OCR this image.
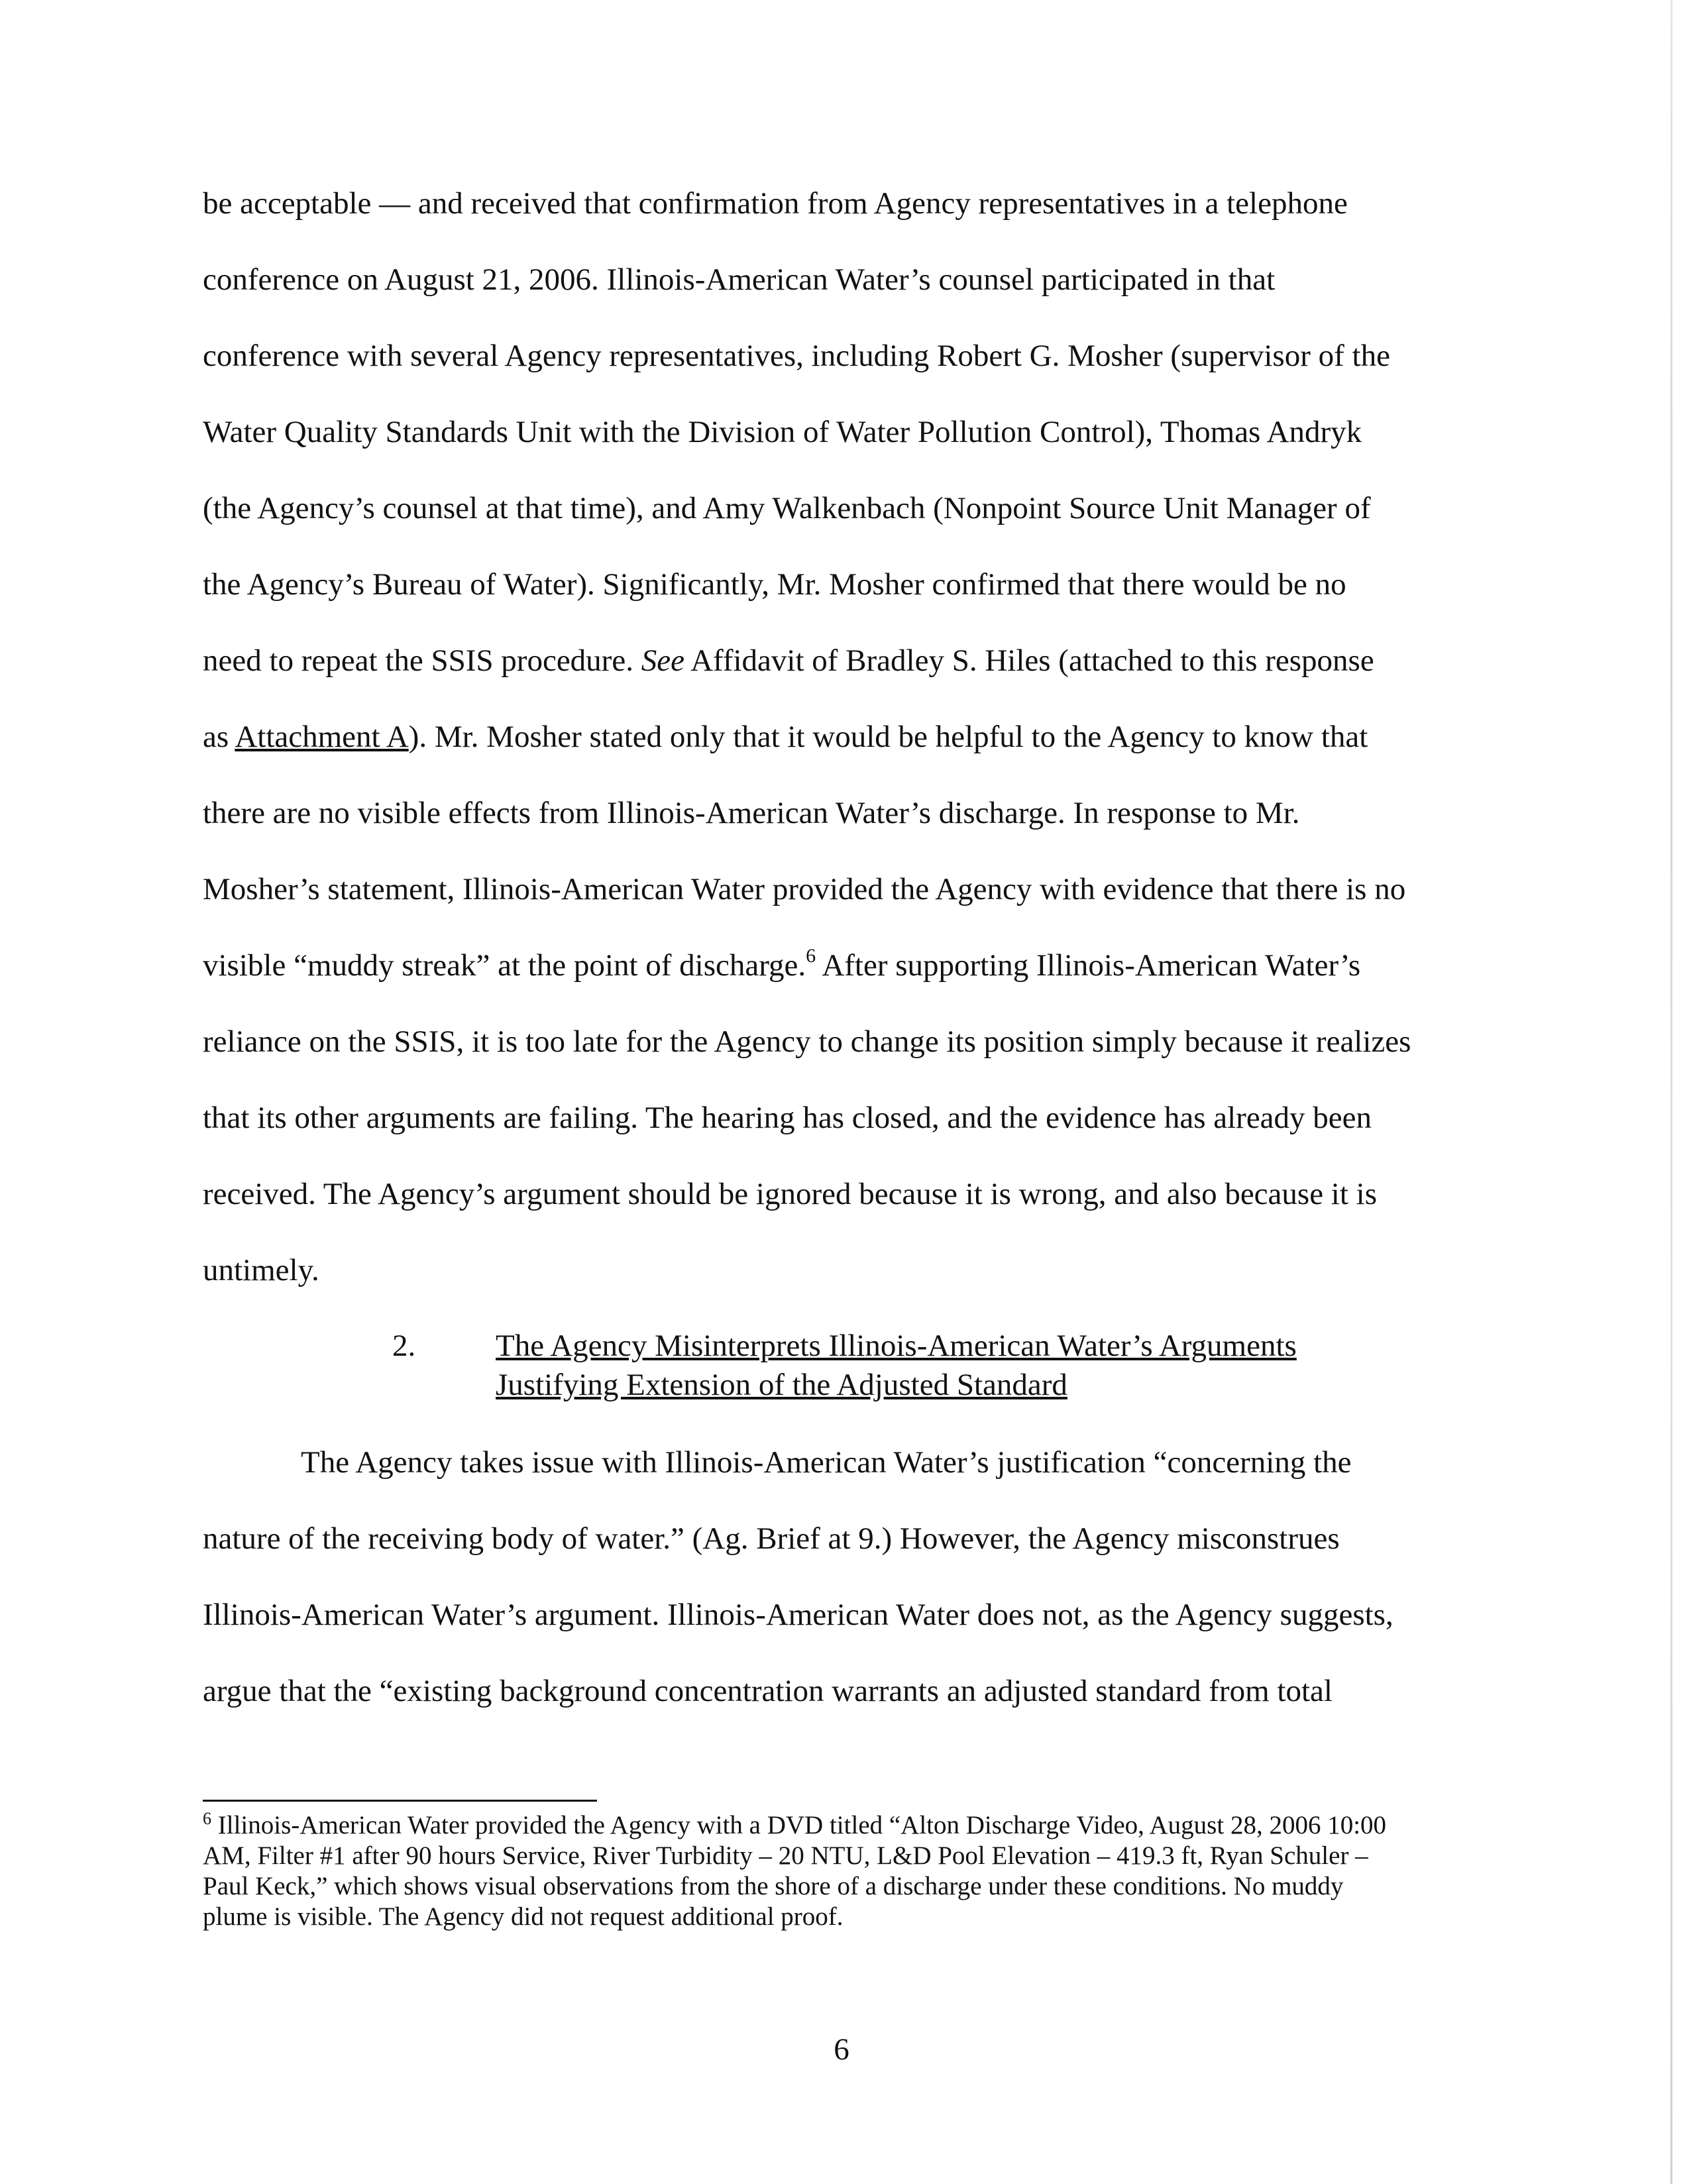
be acceptable — and received that confirmation from Agency representatives in a telephone
conference on August 21, 2006. Illinois-American Water’s counsel participated in that
conference with several Agency representatives, including Robert G. Mosher (supervisor of the
Water Quality Standards Unit with the Division of Water Pollution Control), Thomas Andryk
(the Agency’s counsel at that time), and Amy Walkenbach (Nonpoint Source Unit Manager of
the Agency’s Bureau of Water). Significantly, Mr. Mosher confirmed that there would be no
need to repeat the SSIS procedure. See Affidavit of Bradley S. Hiles (attached to this response
as Attachment A). Mr. Mosher stated only that it would be helpful to the Agency to know that
there are no visible effects from Illinois-American Water’s discharge. In response to Mr.
Mosher’s statement, Illinois-American Water provided the Agency with evidence that there is no
visible “muddy streak” at the point of discharge.$^6$ After supporting Illinois-American Water’s
reliance on the SSIS, it is too late for the Agency to change its position simply because it realizes
that its other arguments are failing. The hearing has closed, and the evidence has already been
received. The Agency’s argument should be ignored because it is wrong, and also because it is
untimely.
2.	The Agency Misinterprets Illinois-American Water’s Arguments
Justifying Extension of the Adjusted Standard
The Agency takes issue with Illinois-American Water’s justification “concerning the
nature of the receiving body of water.” (Ag. Brief at 9.) However, the Agency misconstrues
Illinois-American Water’s argument. Illinois-American Water does not, as the Agency suggests,
argue that the “existing background concentration warrants an adjusted standard from total
$^6$ Illinois-American Water provided the Agency with a DVD titled “Alton Discharge Video, August 28, 2006 10:00
AM, Filter #1 after 90 hours Service, River Turbidity – 20 NTU, L&D Pool Elevation – 419.3 ft, Ryan Schuler –
Paul Keck,” which shows visual observations from the shore of a discharge under these conditions. No muddy
plume is visible. The Agency did not request additional proof.
6
